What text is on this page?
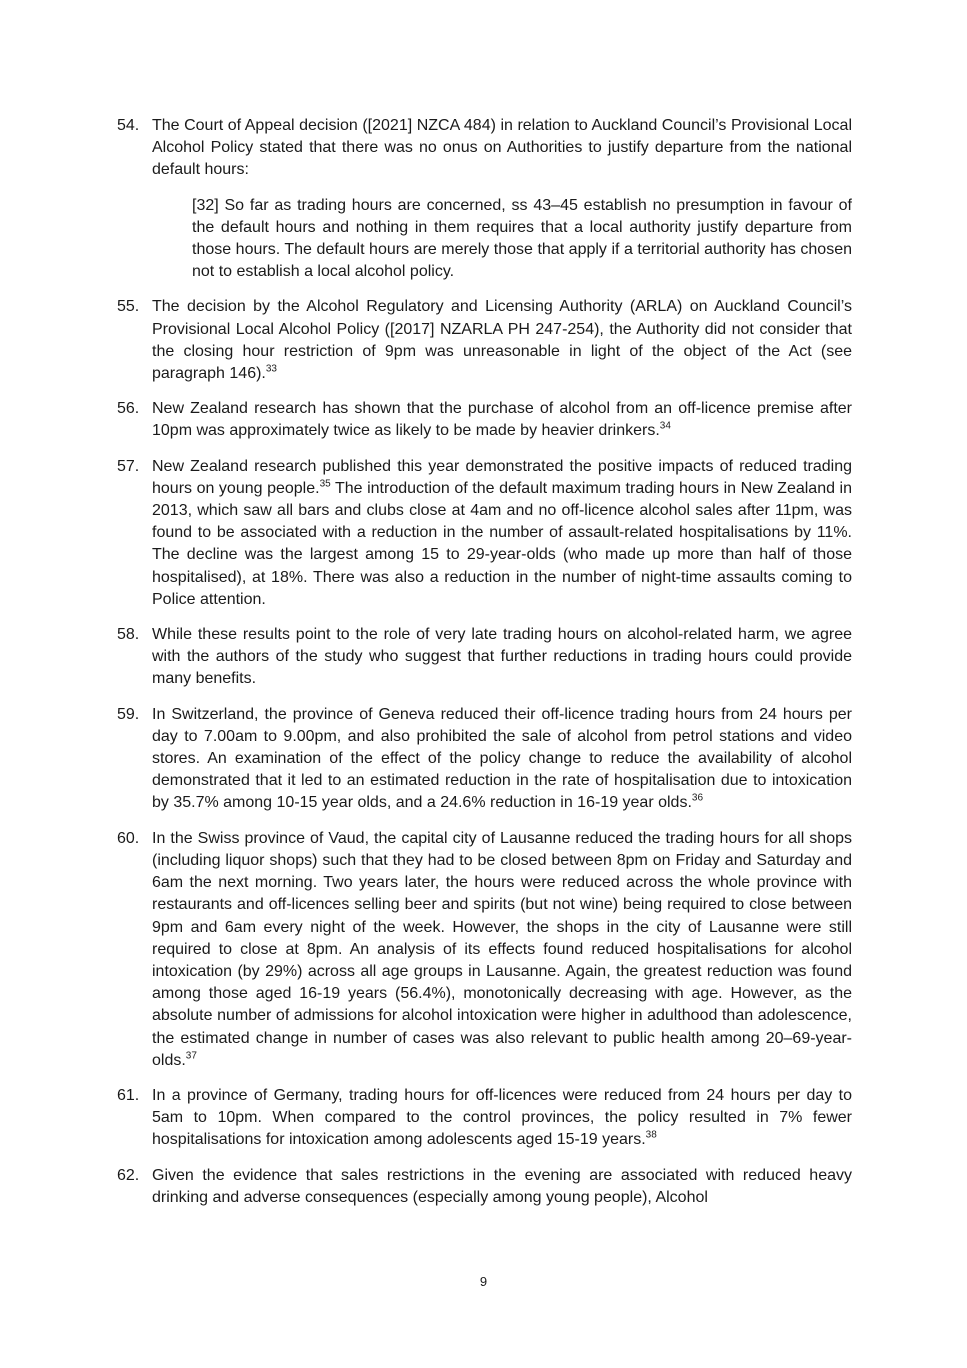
54. The Court of Appeal decision ([2021] NZCA 484) in relation to Auckland Council’s Provisional Local Alcohol Policy stated that there was no onus on Authorities to justify departure from the national default hours:

[32] So far as trading hours are concerned, ss 43–45 establish no presumption in favour of the default hours and nothing in them requires that a local authority justify departure from those hours. The default hours are merely those that apply if a territorial authority has chosen not to establish a local alcohol policy.

55. The decision by the Alcohol Regulatory and Licensing Authority (ARLA) on Auckland Council’s Provisional Local Alcohol Policy ([2017] NZARLA PH 247-254), the Authority did not consider that the closing hour restriction of 9pm was unreasonable in light of the object of the Act (see paragraph 146).$^{33}$

56. New Zealand research has shown that the purchase of alcohol from an off-licence premise after 10pm was approximately twice as likely to be made by heavier drinkers.$^{34}$

57. New Zealand research published this year demonstrated the positive impacts of reduced trading hours on young people.$^{35}$ The introduction of the default maximum trading hours in New Zealand in 2013, which saw all bars and clubs close at 4am and no off-licence alcohol sales after 11pm, was found to be associated with a reduction in the number of assault-related hospitalisations by 11%. The decline was the largest among 15 to 29-year-olds (who made up more than half of those hospitalised), at 18%. There was also a reduction in the number of night-time assaults coming to Police attention.

58. While these results point to the role of very late trading hours on alcohol-related harm, we agree with the authors of the study who suggest that further reductions in trading hours could provide many benefits.

59. In Switzerland, the province of Geneva reduced their off-licence trading hours from 24 hours per day to 7.00am to 9.00pm, and also prohibited the sale of alcohol from petrol stations and video stores. An examination of the effect of the policy change to reduce the availability of alcohol demonstrated that it led to an estimated reduction in the rate of hospitalisation due to intoxication by 35.7% among 10-15 year olds, and a 24.6% reduction in 16-19 year olds.$^{36}$

60. In the Swiss province of Vaud, the capital city of Lausanne reduced the trading hours for all shops (including liquor shops) such that they had to be closed between 8pm on Friday and Saturday and 6am the next morning. Two years later, the hours were reduced across the whole province with restaurants and off-licences selling beer and spirits (but not wine) being required to close between 9pm and 6am every night of the week. However, the shops in the city of Lausanne were still required to close at 8pm. An analysis of its effects found reduced hospitalisations for alcohol intoxication (by 29%) across all age groups in Lausanne. Again, the greatest reduction was found among those aged 16-19 years (56.4%), monotonically decreasing with age. However, as the absolute number of admissions for alcohol intoxication were higher in adulthood than adolescence, the estimated change in number of cases was also relevant to public health among 20–69-year-olds.$^{37}$

61. In a province of Germany, trading hours for off-licences were reduced from 24 hours per day to 5am to 10pm. When compared to the control provinces, the policy resulted in 7% fewer hospitalisations for intoxication among adolescents aged 15-19 years.$^{38}$

62. Given the evidence that sales restrictions in the evening are associated with reduced heavy drinking and adverse consequences (especially among young people), Alcohol

9
